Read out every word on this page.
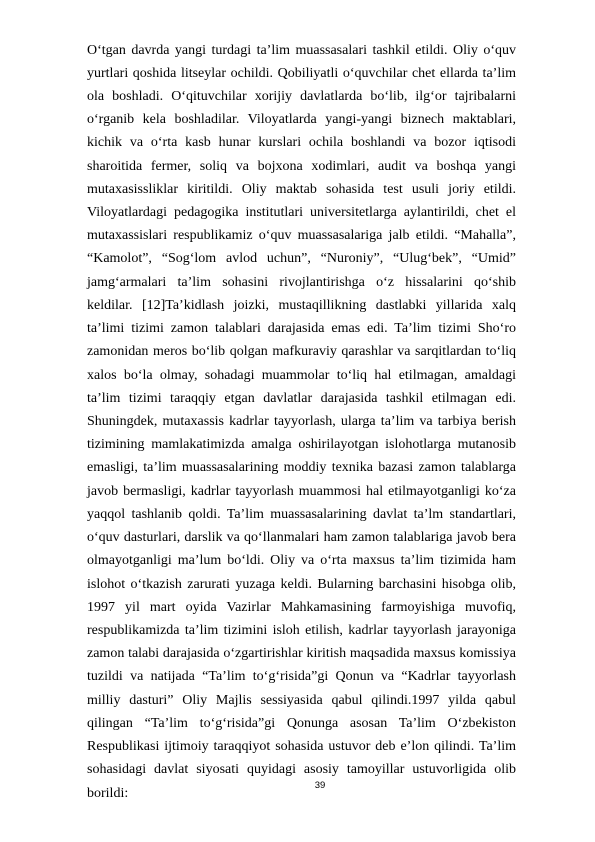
O‘tgan davrda yangi turdagi ta’lim muassasalari tashkil etildi. Oliy o‘quv yurtlari qoshida litseylar ochildi. Qobiliyatli o‘quvchilar chet ellarda ta’lim ola boshladi. O‘qituvchilar xorijiy davlatlarda bo‘lib, ilg‘or tajribalarni o‘rganib kela boshladilar. Viloyatlarda yangi-yangi biznech maktablari, kichik va o‘rta kasb hunar kurslari ochila boshlandi va bozor iqtisodi sharoitida fermer, soliq va bojxona xodimlari, audit va boshqa yangi mutaxasissliklar kiritildi. Oliy maktab sohasida test usuli joriy etildi. Viloyatlardagi pedagogika institutlari universitetlarga aylantirildi, chet el mutaxassislari respublikamiz o‘quv muassasalariga jalb etildi. “Mahalla”, “Kamolot”, “Sog‘lom avlod uchun”, “Nuroniy”, “Ulug‘bek”, “Umid” jamg‘armalari ta’lim sohasini rivojlantirishga o‘z hissalarini qo‘shib keldilar. [12]Ta’kidlash joizki, mustaqillikning dastlabki yillarida xalq ta’limi tizimi zamon talablari darajasida emas edi. Ta’lim tizimi Sho‘ro zamonidan meros bo‘lib qolgan mafkuraviy qarashlar va sarqitlardan to‘liq xalos bo‘la olmay, sohadagi muammolar to‘liq hal etilmagan, amaldagi ta’lim tizimi taraqqiy etgan davlatlar darajasida tashkil etilmagan edi. Shuningdek, mutaxassis kadrlar tayyorlash, ularga ta’lim va tarbiya berish tizimining mamlakatimizda amalga oshirilayotgan islohotlarga mutanosib emasligi, ta’lim muassasalarining moddiy texnika bazasi zamon talablarga javob bermasligi, kadrlar tayyorlash muammosi hal etilmayotganligi ko‘za yaqqol tashlanib qoldi. Ta’lim muassasalarining davlat ta’lm standartlari, o‘quv dasturlari, darslik va qo‘llanmalari ham zamon talablariga javob bera olmayotganligi ma’lum bo‘ldi. Oliy va o‘rta maxsus ta’lim tizimida ham islohot o‘tkazish zarurati yuzaga keldi. Bularning barchasini hisobga olib, 1997 yil mart oyida Vazirlar Mahkamasining farmoyishiga muvofiq, respublikamizda ta’lim tizimini isloh etilish, kadrlar tayyorlash jarayoniga zamon talabi darajasida o‘zgartirishlar kiritish maqsadida maxsus komissiya tuzildi va natijada “Ta’lim to‘g‘risida”gi Qonun va “Kadrlar tayyorlash milliy dasturi” Oliy Majlis sessiyasida qabul qilindi.1997 yilda qabul qilingan “Ta’lim to‘g‘risida”gi Qonunga asosan Ta’lim O‘zbekiston Respublikasi ijtimoiy taraqqiyot sohasida ustuvor deb e’lon qilindi. Ta’lim sohasidagi davlat siyosati quyidagi asosiy tamoyillar ustuvorligida olib borildi:	39
